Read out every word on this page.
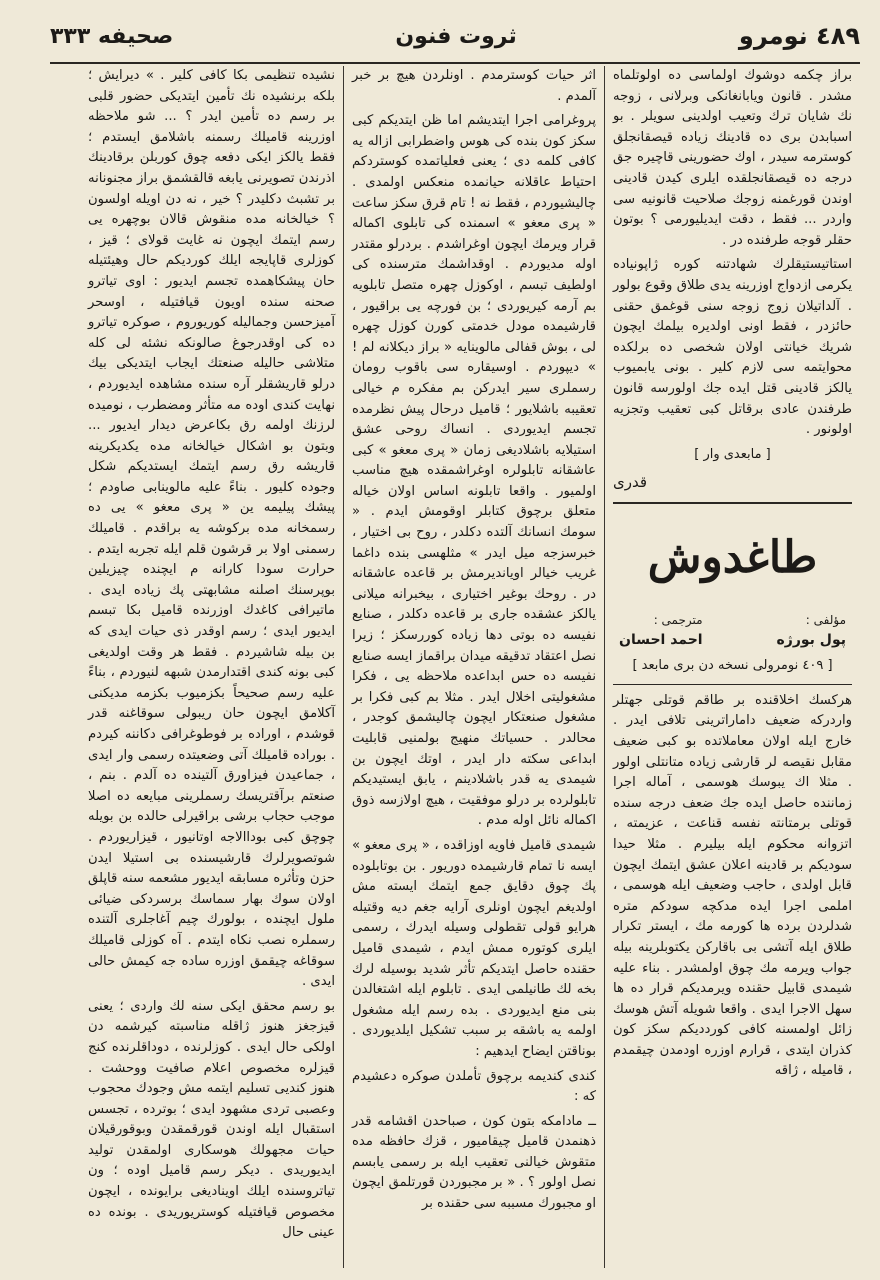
٤٨٩ نومرو
ثروت فنون
صحيفه ٣٣٣

براز چكمه دوشوك اولماسى ده اولوتلماه مشدر . قانون ويابانغانكى وبرلانى ، زوجه نك شايان ترك وتعيب اولدينى سويلر . بو اسبابدن برى ده قادينك زياده قيصقانجلق كوسترمه سيدر ، اوك حضورينى قاچيره جق درجه ده قيصقانجلقده ايلرى كيدن قادينى اوندن قورغمنه زوجك صلاحيت قانونيه سى واردر ... فقط ، دقت ايديليورمى ؟ بوتون حقلر قوجه طرفنده در .

استاتيستيقلرك شهادتنه كوره ژاپونياده يكرمى ازدواج اوزرينه يدى طلاق وقوع بولور . آلداتيلان زوج زوجه سنى قوغمق حقنى حائزدر ، فقط اونى اولديره بيلمك ايچون شريك خيانتى اولان شخصى ده برلكده محوايتمه سى لازم كلير . بونى يابميوب يالكز قادينى قتل ايده جك اولورسه قانون طرفندن عادى برقاتل كبى تعقيب وتجزيه اولونور .

[ مابعدى وار ]

قدرى
طاغدوش
مؤلفى :
پول بورژه
مترجمى :
احمد احسان
[ ٤٠٩ نومرولى نسخه دن برى مابعد ]

هركسك اخلاقنده بر طاقم قوتلى جهتلر واردركه ضعيف داماراترينى تلافى ايدر . خارج ايله اولان معاملاتده بو كبى ضعيف مقابل نقيصه لر قارشى زياده متانتلى اولور . مثلا اك يبوسك هوسمى ، آماله اجرا زماننده حاصل ايده جك ضعف درجه سنده قوتلى برمتانته نفسه قناعت ، عزيمته ، اتزوانه محكوم ايله بيليرم . مثلا حيدا سوديكم بر قادينه اعلان عشق ايتمك ايچون قابل اولدى ، حاجب وضعيف ايله هوسمى ، املمى اجرا ايده مدكچه سودكم متره شدلردن برده ها كورمه مك ، ايستر تكرار طلاق ايله آتشى بى باقاركن يكتوبلرينه بيله جواب ويرمه مك چوق اولمشدر . بناء عليه شيمدى قابيل حقنده ويرمديكم قرار ده ها سهل الاجرا ايدى . واقعا شويله آتش هوسك زائل اولمسنه كافى كوردديكم سكز كون كذران ايتدى ، قرارم اوزره اودمدن چيقمدم ، قاميله ، ژاقه

اثر حيات كوسترمدم . اونلردن هيچ بر خبر آلمدم .

پروغرامى اجرا ايتديشم اما ظن ايتديكم كبى سكز كون بنده كى هوس واضطرابى ازاله يه كافى كلمه دى ؛ يعنى فعلياتمده كوستردكم احتياط عاقلانه حيانمده منعكس اولمدى . چاليشيوردم ، فقط نه ! تام قرق سكز ساعت « پرى معغو » اسمنده كى تابلوى اكماله قرار ويرمك ايچون اوغراشدم . بردرلو مقتدر اوله مديوردم . اوقداشمك مترسنده كى اولطيف تبسم ، اوكوزل چهره متصل تابلويه بم آرمه كيريوردى ؛ بن فورچه يى براقيور ، قارشيمده مودل خدمتى كورن كوزل چهره لى ، بوش قفالى مالوينايه « براز ديكلانه لم ! » ديپوردم . اوسيقاره سى باقوب رومان رسملرى سير ايدركن بم مفكره م خيالى تعقيبه باشلايور ؛ قاميل درحال پيش نظرمده تجسم ايديوردى . انساك روحى عشق استيلايه باشلاديغى زمان « پرى معغو » كبى عاشقانه تابلولره اوغراشمقده هيچ مناسب اولميور . واقعا تابلونه اساس اولان خياله متعلق برچوق كتابلر اوقومش ايدم . « سومك انسانك آلتده دكلدر ، روح بى اختيار ، خبرسزجه ميل ايدر » مثلهسى بنده داغما غريب خيالر اويانديرمش بر قاعده عاشقانه در . روحك بوغير اختيارى ، بيخبرانه ميلانى يالكز عشقده جارى بر قاعده دكلدر ، صنايع نفيسه ده بوتى دها زياده كوررسكز ؛ زيرا نصل اعتقاد تدقيقه ميدان براقماز ايسه صنايع نفيسه ده حس ابداعده ملاحظه يى ، فكرا مشغوليتى اخلال ايدر . مثلا بم كبى فكرا بر مشغول صنعتكار ايچون چاليشمق كوجدر ، محالدر . حسياتك منهيج بولمنيى قابليت ابداعى سكته دار ايدر ، اوتك ايچون بن شيمدى يه قدر باشلادينم ، يابق ايستيديكم تابلولرده بر درلو موفقيت ، هيچ اولازسه ذوق اكماله نائل اوله مدم .

شيمدى قاميل فاويه اوزاقده ، « پرى معغو » ايسه نا تمام قارشيمده دوريور . بن بوتابلوده پك چوق دقايق جمع ايتمك ايسته مش اولديغم ايچون اونلرى آرايه جغم ديه وقتيله هرايو قولى تقطولى وسيله ايدرك ، رسمى ايلرى كوتوره ممش ايدم ، شيمدى قاميل حقنده حاصل ايتديكم تأثر شديد بوسيله لرك بخه لك طانيلمى ايدى . تابلوم ايله اشتغالدن بنى منع ايديوردى . بده رسم ايله مشغول اولمه يه باشقه بر سبب تشكيل ايلديوردى . بوناقتن ايضاح ايدهيم :

كندى كنديمه برچوق تأملدن صوكره دعشيدم كه :

ــ مادامكه بتون كون ، صباحدن اقشامه قدر ذهنمدن قاميل چيقاميور ، قزك حافظه مده متقوش خيالنى تعقيب ايله بر رسمى يابسم نصل اولور ؟ . « بر مجبوردن قورتلمق ايچون او مجبورك مسببه سى حقنده بر

نشيده تنظيمى بكا كافى كلير . » ديرايش ؛ بلكه برنشيده نك تأمين ايتديكى حضور قلبى بر رسم ده تأمين ايدر ؟ ... شو ملاحظه اوزرينه قاميلك رسمنه باشلامق ايستدم ؛ فقط يالكز ايكى دفعه چوق كوربلن برقادينك اذرندن تصويرنى يابغه قالقشمق براز مجنونانه بر تشبث دكليدر ؟ خير ، نه دن اويله اولسون ؟ خيالخانه مده منقوش قالان بوچهره يى رسم ايتمك ايچون نه غايت قولاى ؛ قيز ، كوزلرى قاپايجه ايلك كورديكم حال وهيئتيله حان پيشكاهمده تجسم ايديور : اوى تياترو صحنه سنده اويون قيافتيله ، اوسحر آميزحسن وجماليله كوريوروم ، صوكره تياترو ده كى اوقدرجوغ صالونكه نشئه لى كله متلاشى حاليله صنعتك ايجاب ايتديكى بيك درلو قاريشقلر آره سنده مشاهده ايديوردم ، نهايت كندى اوده مه متأثر ومضطرب ، نوميده لرزنك اولمه رق بكاعرض ديدار ايديور ... وبتون بو اشكال خيالخانه مده يكديكرينه قاريشه رق رسم ايتمك ايستديكم شكل وجوده كليور . بناءً عليه مالوينابى صاودم ؛ پيشك پيليمه ين « پرى معغو » يى ده رسمخانه مده بركوشه يه براقدم . قاميلك رسمنى اولا بر قرشون قلم ايله تجربه ايتدم . حرارت سودا كارانه م ايچنده چيزيلين بوپرسنك اصلنه مشابهتى پك زياده ايدى . ماتيرافى كاغدك اوزرنده قاميل بكا تبسم ايديور ايدى ؛ رسم اوقدر ذى حيات ايدى كه بن بيله شاشيردم . فقط هر وقت اولديغى كبى بونه كندى اقتدارمدن شبهه لنيوردم ، بناءً عليه رسم صحيحاً بكزميوب بكزمه مديكنى آكلامق ايچون حان ريبولى سوقاغنه قدر قوشدم ، اوراده بر فوطوغرافى دكاننه كيردم . بوراده قاميلك آتى وضعيتده رسمى وار ايدى ، جماعيدن فيزاورق آلتينده ده آلدم . بنم ، صنعتم برآقتريسك رسملرينى مبايعه ده اصلا موجب حجاب برشى براقيرلى حالده بن بويله چوچق كبى بوداالاجه اوتانيور ، قيزاريوردم . شوتصويرلرك قارشيسنده بى استيلا ايدن حزن وتأثره مسابقه ايديور مشعمه سنه قاپلق اولان سوك بهار سماسك برسردكى ضيائى ملول ايچنده ، بولورك چيم آغاجلرى آلتنده رسملره نصب نكاه ايتدم . آه كوزلى قاميلك سوقاغه چيقمق اوزره ساده جه كيمش حالى ايدى .

بو رسم محقق ايكى سنه لك واردى ؛ يعنى قيزجغز هنوز ژاقله مناسبته كيرشمه دن اولكى حال ايدى . كوزلرنده ، دوداقلرنده كنج قيزلره مخصوص اعلام صافيت ووحشت . هنوز كنديى تسليم ايتمه مش وجودك محجوب وعصبى تردى مشهود ايدى ؛ بوترده ، تجسس استقبال ايله اوندن قورقمقدن وبوقورقيلان حيات مجهولك هوسكارى اولمقدن توليد ايديوريدى . ديكر رسم قاميل اوده ؛ ون تياتروسنده ايلك اويناديغى برايونده ، ايچون مخصوص قيافتيله كوستريوريدى . بونده ده عينى حال
